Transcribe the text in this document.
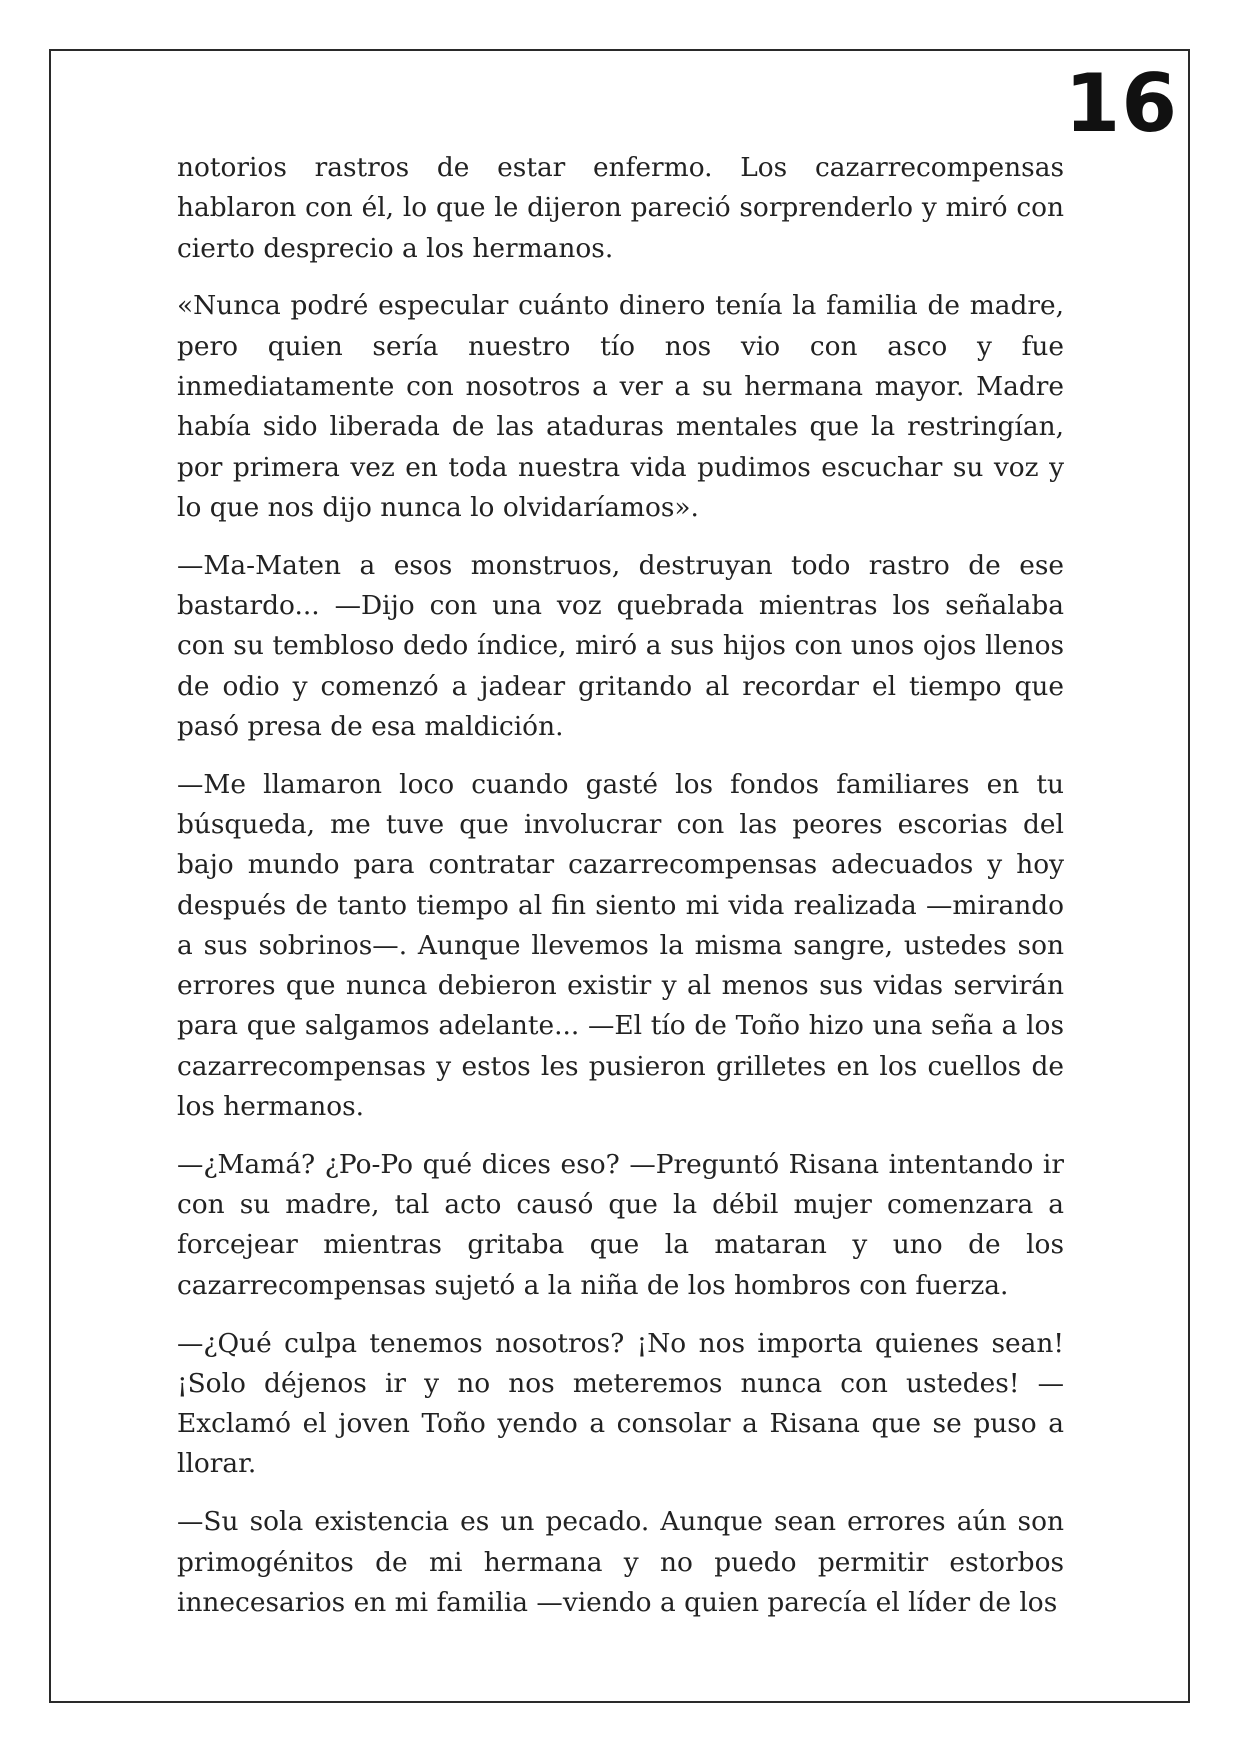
16

notorios rastros de estar enfermo. Los cazarrecompensas hablaron con él, lo que le dijeron pareció sorprenderlo y miró con cierto desprecio a los hermanos.

«Nunca podré especular cuánto dinero tenía la familia de madre, pero quien sería nuestro tío nos vio con asco y fue inmediatamente con nosotros a ver a su hermana mayor. Madre había sido liberada de las ataduras mentales que la restringían, por primera vez en toda nuestra vida pudimos escuchar su voz y lo que nos dijo nunca lo olvidaríamos».

—Ma-Maten a esos monstruos, destruyan todo rastro de ese bastardo... —Dijo con una voz quebrada mientras los señalaba con su tembloso dedo índice, miró a sus hijos con unos ojos llenos de odio y comenzó a jadear gritando al recordar el tiempo que pasó presa de esa maldición.

—Me llamaron loco cuando gasté los fondos familiares en tu búsqueda, me tuve que involucrar con las peores escorias del bajo mundo para contratar cazarrecompensas adecuados y hoy después de tanto tiempo al fin siento mi vida realizada —mirando a sus sobrinos—. Aunque llevemos la misma sangre, ustedes son errores que nunca debieron existir y al menos sus vidas servirán para que salgamos adelante... —El tío de Toño hizo una seña a los cazarrecompensas y estos les pusieron grilletes en los cuellos de los hermanos.

—¿Mamá? ¿Po-Po qué dices eso? —Preguntó Risana intentando ir con su madre, tal acto causó que la débil mujer comenzara a forcejear mientras gritaba que la mataran y uno de los cazarrecompensas sujetó a la niña de los hombros con fuerza.

—¿Qué culpa tenemos nosotros? ¡No nos importa quienes sean! ¡Solo déjenos ir y no nos meteremos nunca con ustedes! —Exclamó el joven Toño yendo a consolar a Risana que se puso a llorar.

—Su sola existencia es un pecado. Aunque sean errores aún son primogénitos de mi hermana y no puedo permitir estorbos innecesarios en mi familia —viendo a quien parecía el líder de los
